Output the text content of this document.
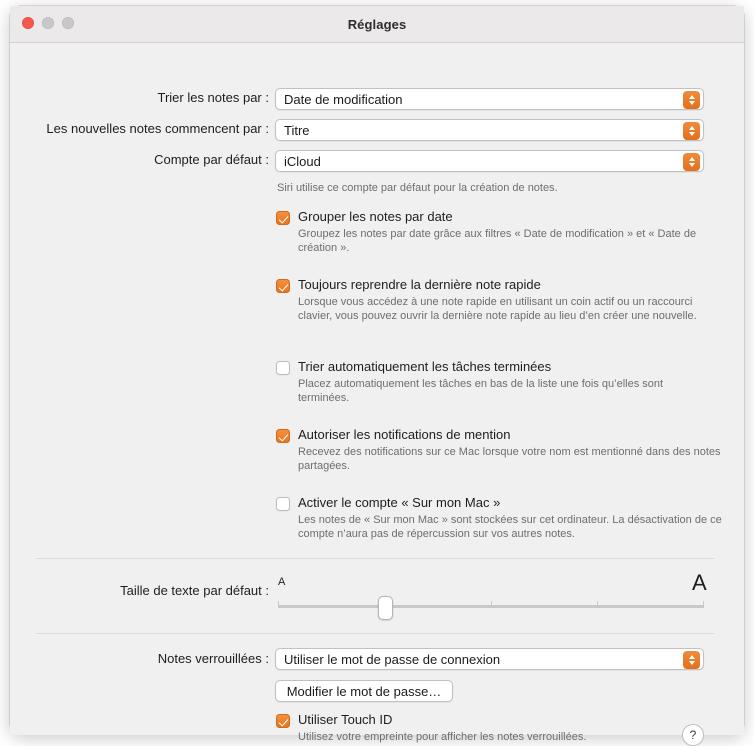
Réglages
Trier les notes par : Date de modification
Les nouvelles notes commencent par : Titre
Compte par défaut : iCloud
Siri utilise ce compte par défaut pour la création de notes.
Grouper les notes par date
Groupez les notes par date grâce aux filtres « Date de modification » et « Date de création ».
Toujours reprendre la dernière note rapide
Lorsque vous accédez à une note rapide en utilisant un coin actif ou un raccourci clavier, vous pouvez ouvrir la dernière note rapide au lieu d’en créer une nouvelle.
Trier automatiquement les tâches terminées
Placez automatiquement les tâches en bas de la liste une fois qu’elles sont terminées.
Autoriser les notifications de mention
Recevez des notifications sur ce Mac lorsque votre nom est mentionné dans des notes partagées.
Activer le compte « Sur mon Mac »
Les notes de « Sur mon Mac » sont stockées sur cet ordinateur. La désactivation de ce compte n’aura pas de répercussion sur vos autres notes.
Taille de texte par défaut :
A	A
Notes verrouillées : Utiliser le mot de passe de connexion
Modifier le mot de passe…
Utiliser Touch ID
Utilisez votre empreinte pour afficher les notes verrouillées.	?
